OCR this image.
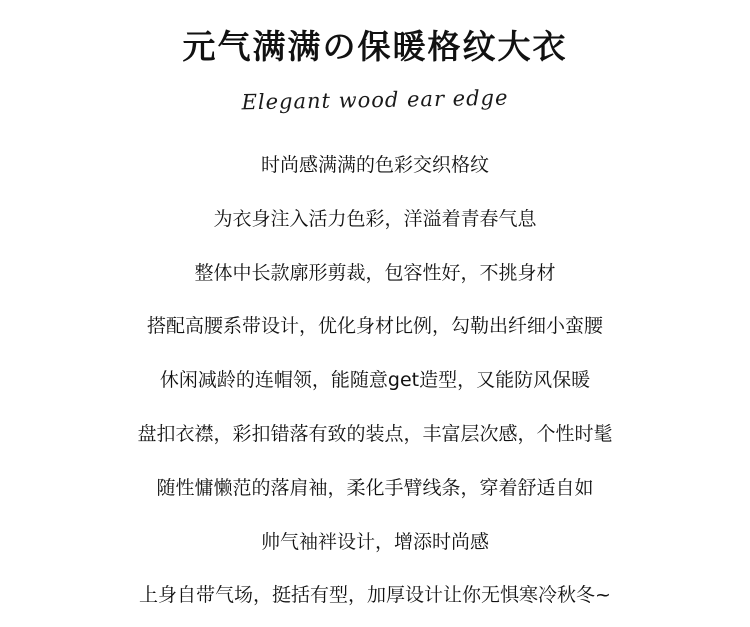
元气满满の保暖格纹大衣
Elegant wood ear edge
时尚感满满的色彩交织格纹
为衣身注入活力色彩，洋溢着青春气息
整体中长款廓形剪裁，包容性好，不挑身材
搭配高腰系带设计，优化身材比例，勾勒出纤细小蛮腰
休闲减龄的连帽领，能随意get造型，又能防风保暖
盘扣衣襟，彩扣错落有致的装点，丰富层次感，个性时髦
随性慵懒范的落肩袖，柔化手臂线条，穿着舒适自如
帅气袖袢设计，增添时尚感
上身自带气场，挺括有型，加厚设计让你无惧寒冷秋冬~
